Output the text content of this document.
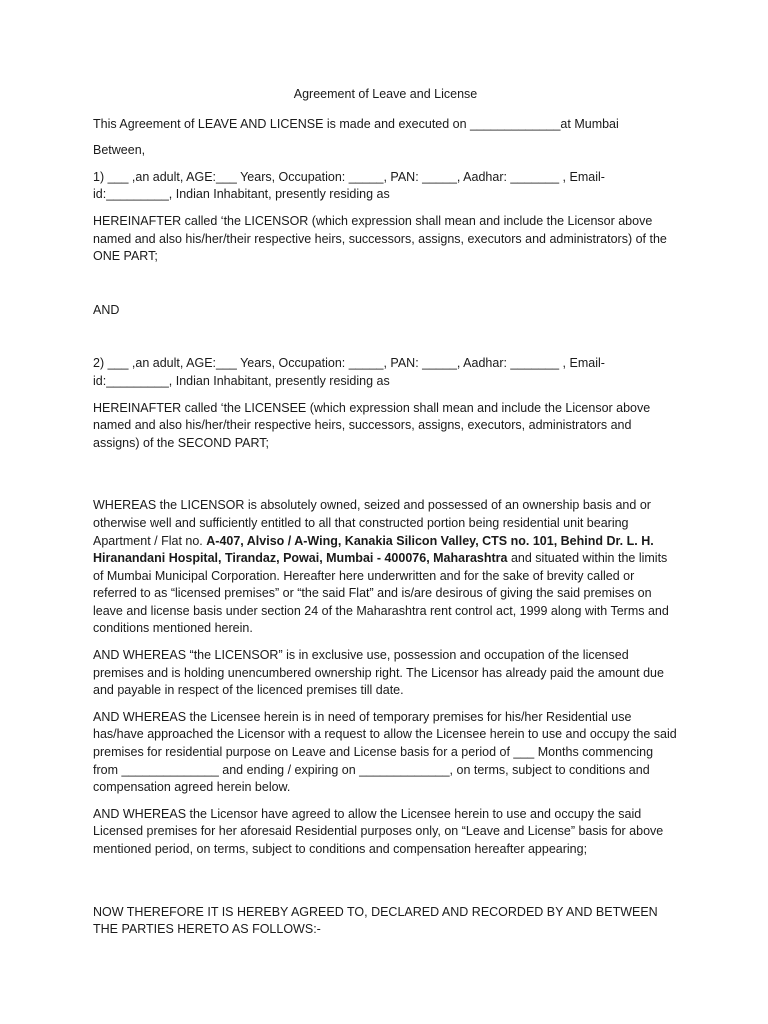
Agreement of Leave and License

This Agreement of LEAVE AND LICENSE is made and executed on _____________at Mumbai

Between,

1) ___ ,an adult, AGE:___ Years, Occupation: _____, PAN: _____, Aadhar: _______ , Email-id:_________, Indian Inhabitant, presently residing as

HEREINAFTER called ‘the LICENSOR (which expression shall mean and include the Licensor above named and also his/her/their respective heirs, successors, assigns, executors and administrators) of the ONE PART;

AND

2) ___ ,an adult, AGE:___ Years, Occupation: _____, PAN: _____, Aadhar: _______ , Email-id:_________, Indian Inhabitant, presently residing as

HEREINAFTER called ‘the LICENSEE (which expression shall mean and include the Licensor above named and also his/her/their respective heirs, successors, assigns, executors, administrators and assigns) of the SECOND PART;

WHEREAS the LICENSOR is absolutely owned, seized and possessed of an ownership basis and or otherwise well and sufficiently entitled to all that constructed portion being residential unit bearing Apartment / Flat no. A-407, Alviso / A-Wing, Kanakia Silicon Valley, CTS no. 101, Behind Dr. L. H. Hiranandani Hospital, Tirandaz, Powai, Mumbai - 400076, Maharashtra and situated within the limits of Mumbai Municipal Corporation. Hereafter here underwritten and for the sake of brevity called or referred to as “licensed premises” or “the said Flat” and is/are desirous of giving the said premises on leave and license basis under section 24 of the Maharashtra rent control act, 1999 along with Terms and conditions mentioned herein.

AND WHEREAS “the LICENSOR” is in exclusive use, possession and occupation of the licensed premises and is holding unencumbered ownership right. The Licensor has already paid the amount due and payable in respect of the licenced premises till date.

AND WHEREAS the Licensee herein is in need of temporary premises for his/her Residential use has/have approached the Licensor with a request to allow the Licensee herein to use and occupy the said premises for residential purpose on Leave and License basis for a period of ___ Months commencing from ______________ and ending / expiring on _____________, on terms, subject to conditions and compensation agreed herein below.

AND WHEREAS the Licensor have agreed to allow the Licensee herein to use and occupy the said Licensed premises for her aforesaid Residential purposes only, on “Leave and License” basis for above mentioned period, on terms, subject to conditions and compensation hereafter appearing;

NOW THEREFORE IT IS HEREBY AGREED TO, DECLARED AND RECORDED BY AND BETWEEN THE PARTIES HERETO AS FOLLOWS:-
